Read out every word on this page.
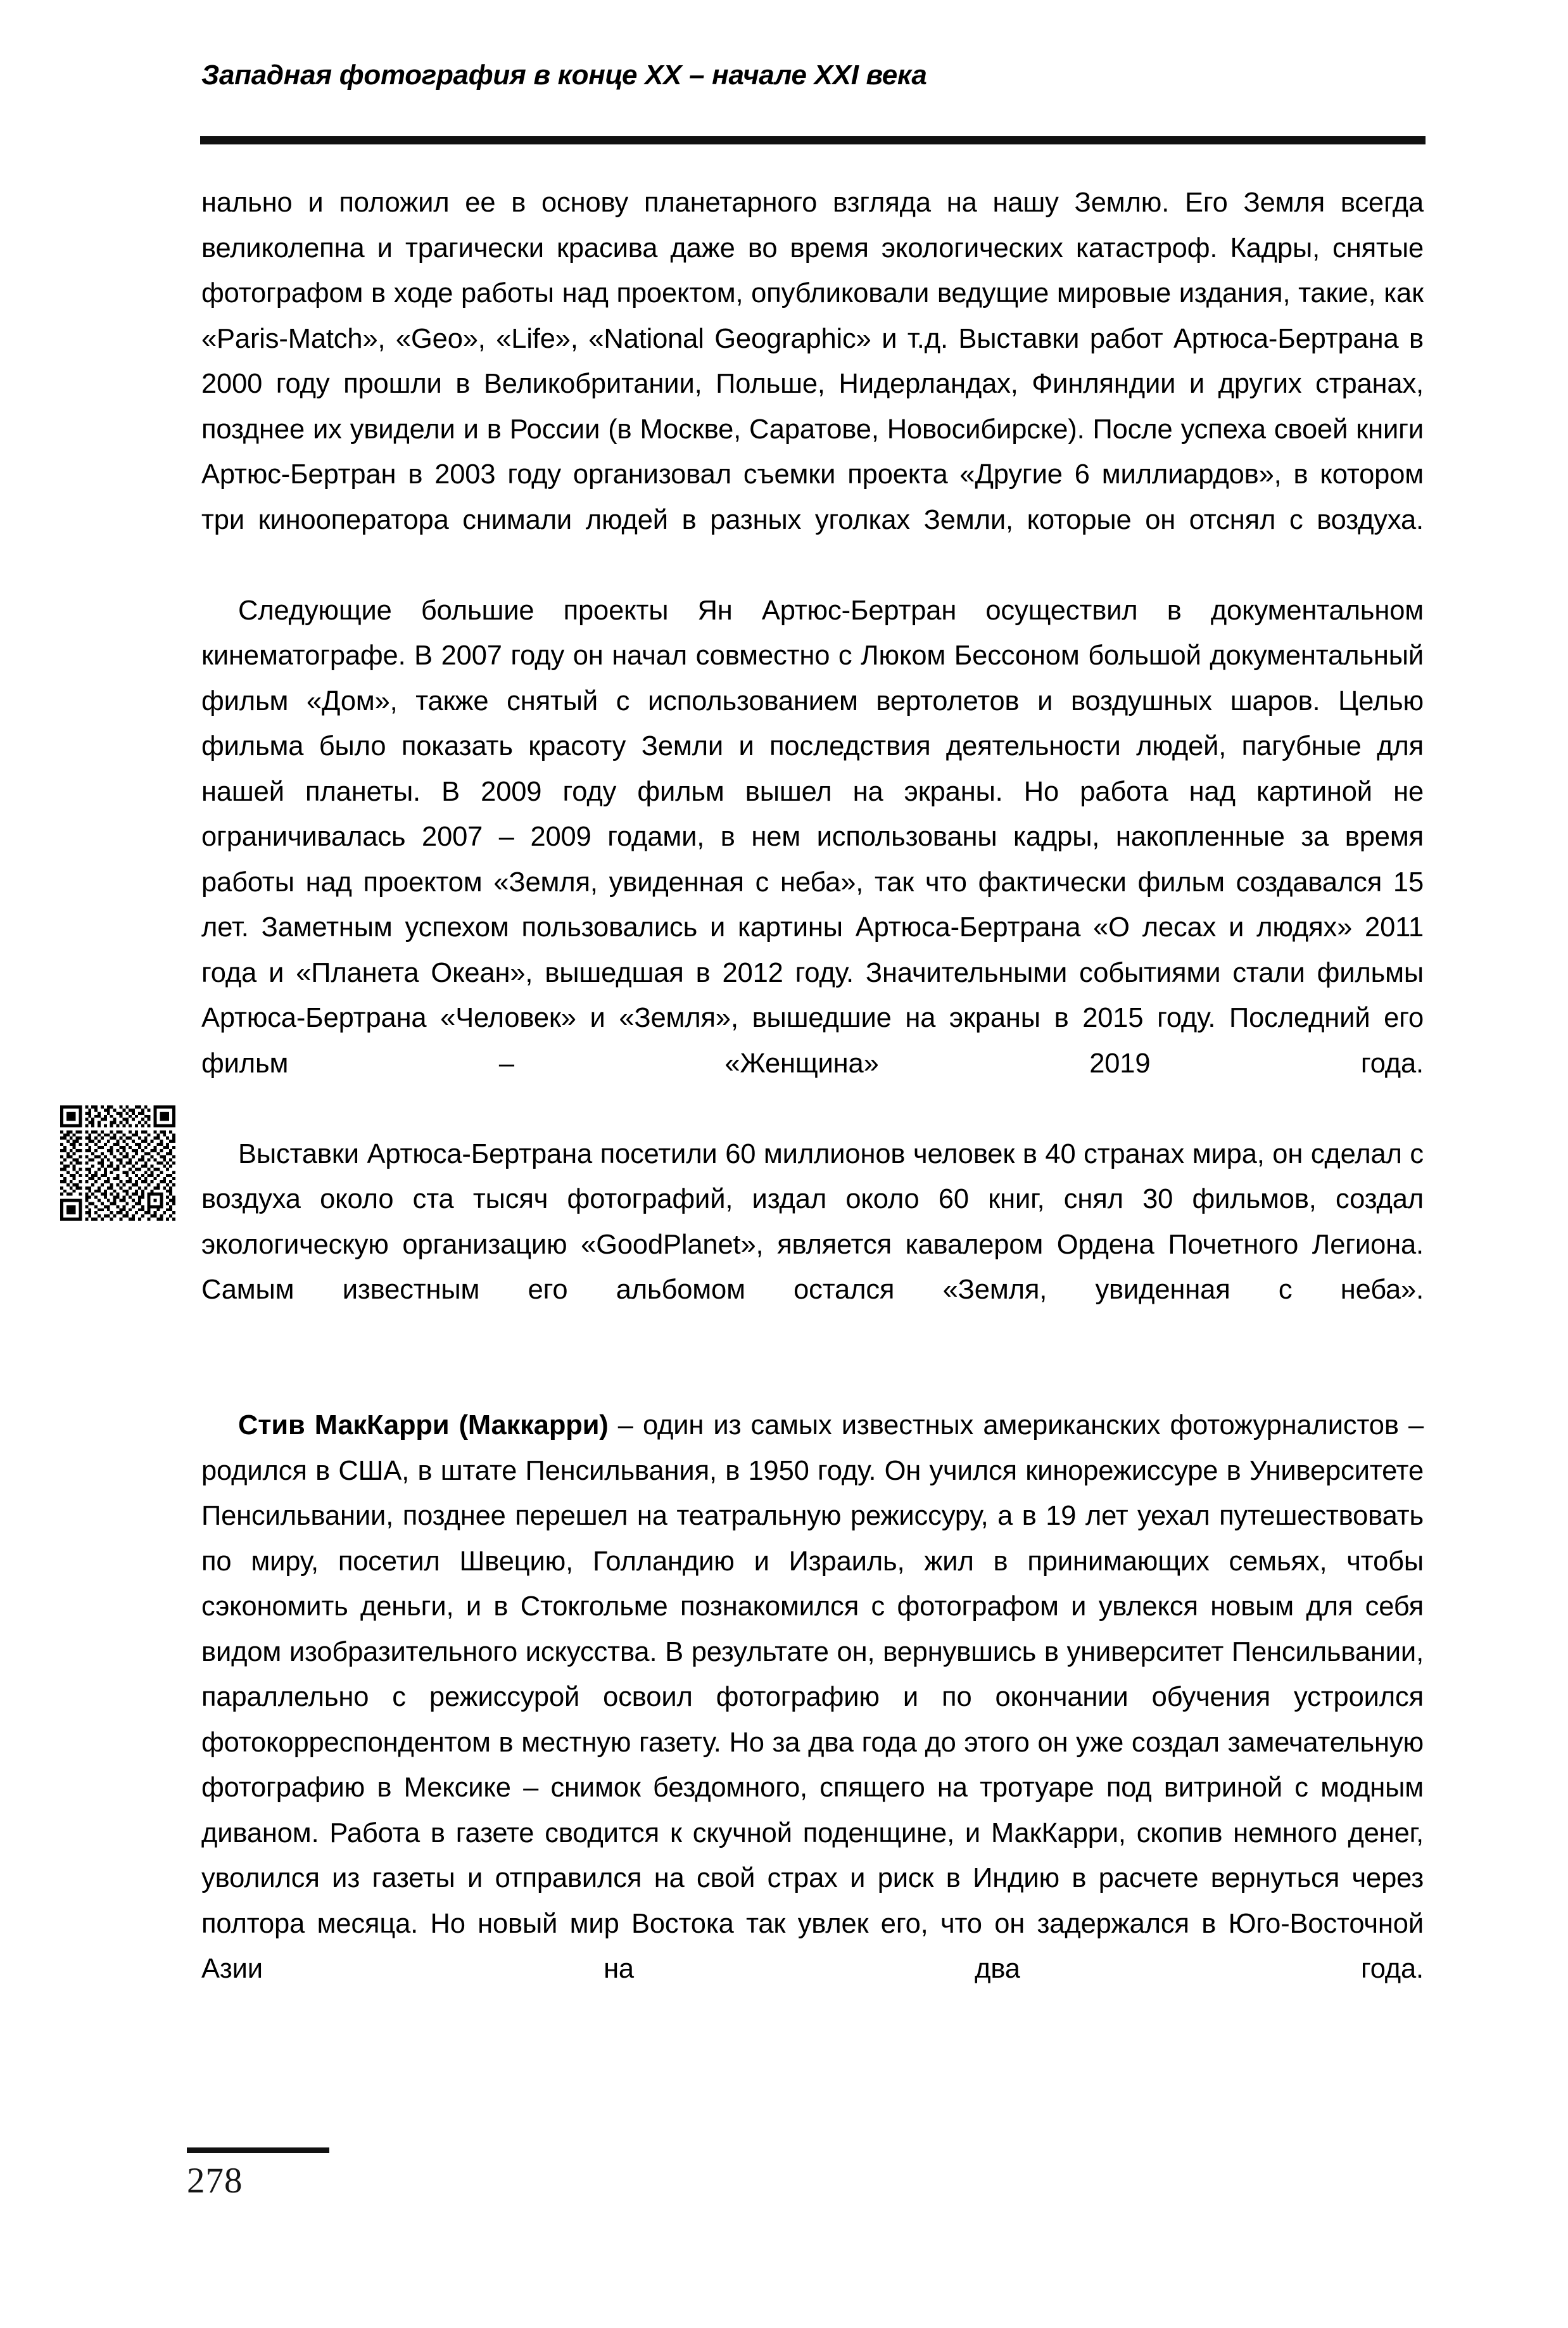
Западная фотография в конце XX – начале XXI века

нально и положил ее в основу планетарного взгляда на нашу Землю. Его Земля всегда великолепна и трагически красива даже во время экологических катастроф. Кадры, снятые фотографом в ходе работы над проектом, опубликовали ведущие мировые издания, такие, как «Paris-Match», «Geo», «Life», «National Geographic» и т.д. Выставки работ Артюса-Бертрана в 2000 году прошли в Великобритании, Польше, Нидерландах, Финляндии и других странах, позднее их увидели и в России (в Москве, Саратове, Новосибирске). После успеха своей книги Артюс-Бертран в 2003 году организовал съемки проекта «Другие 6 миллиардов», в котором три кинооператора снимали людей в разных уголках Земли, которые он отснял с воздуха.

Следующие большие проекты Ян Артюс-Бертран осуществил в документальном кинематографе. В 2007 году он начал совместно с Люком Бессоном большой документальный фильм «Дом», также снятый с использованием вертолетов и воздушных шаров. Целью фильма было показать красоту Земли и последствия деятельности людей, пагубные для нашей планеты. В 2009 году фильм вышел на экраны. Но работа над картиной не ограничивалась 2007 – 2009 годами, в нем использованы кадры, накопленные за время работы над проектом «Земля, увиденная с неба», так что фактически фильм создавался 15 лет. Заметным успехом пользовались и картины Артюса-Бертрана «О лесах и людях» 2011 года и «Планета Океан», вышедшая в 2012 году. Значительными событиями стали фильмы Артюса-Бертрана «Человек» и «Земля», вышедшие на экраны в 2015 году. Последний его фильм – «Женщина» 2019 года.

Выставки Артюса-Бертрана посетили 60 миллионов человек в 40 странах мира, он сделал с воздуха около ста тысяч фотографий, издал около 60 книг, снял 30 фильмов, создал экологическую организацию «GoodPlanet», является кавалером Ордена Почетного Легиона. Самым известным его альбомом остался «Земля, увиденная с неба».

Стив МакКарри (Маккарри) – один из самых известных американских фотожурналистов – родился в США, в штате Пенсильвания, в 1950 году. Он учился кинорежиссуре в Университете Пенсильвании, позднее перешел на театральную режиссуру, а в 19 лет уехал путешествовать по миру, посетил Швецию, Голландию и Израиль, жил в принимающих семьях, чтобы сэкономить деньги, и в Стокгольме познакомился с фотографом и увлекся новым для себя видом изобразительного искусства. В результате он, вернувшись в университет Пенсильвании, параллельно с режиссурой освоил фотографию и по окончании обучения устроился фотокорреспондентом в местную газету. Но за два года до этого он уже создал замечательную фотографию в Мексике – снимок бездомного, спящего на тротуаре под витриной с модным диваном. Работа в газете сводится к скучной поденщине, и МакКарри, скопив немного денег, уволился из газеты и отправился на свой страх и риск в Индию в расчете вернуться через полтора месяца. Но новый мир Востока так увлек его, что он задержался в Юго-Восточной Азии на два года.

278
